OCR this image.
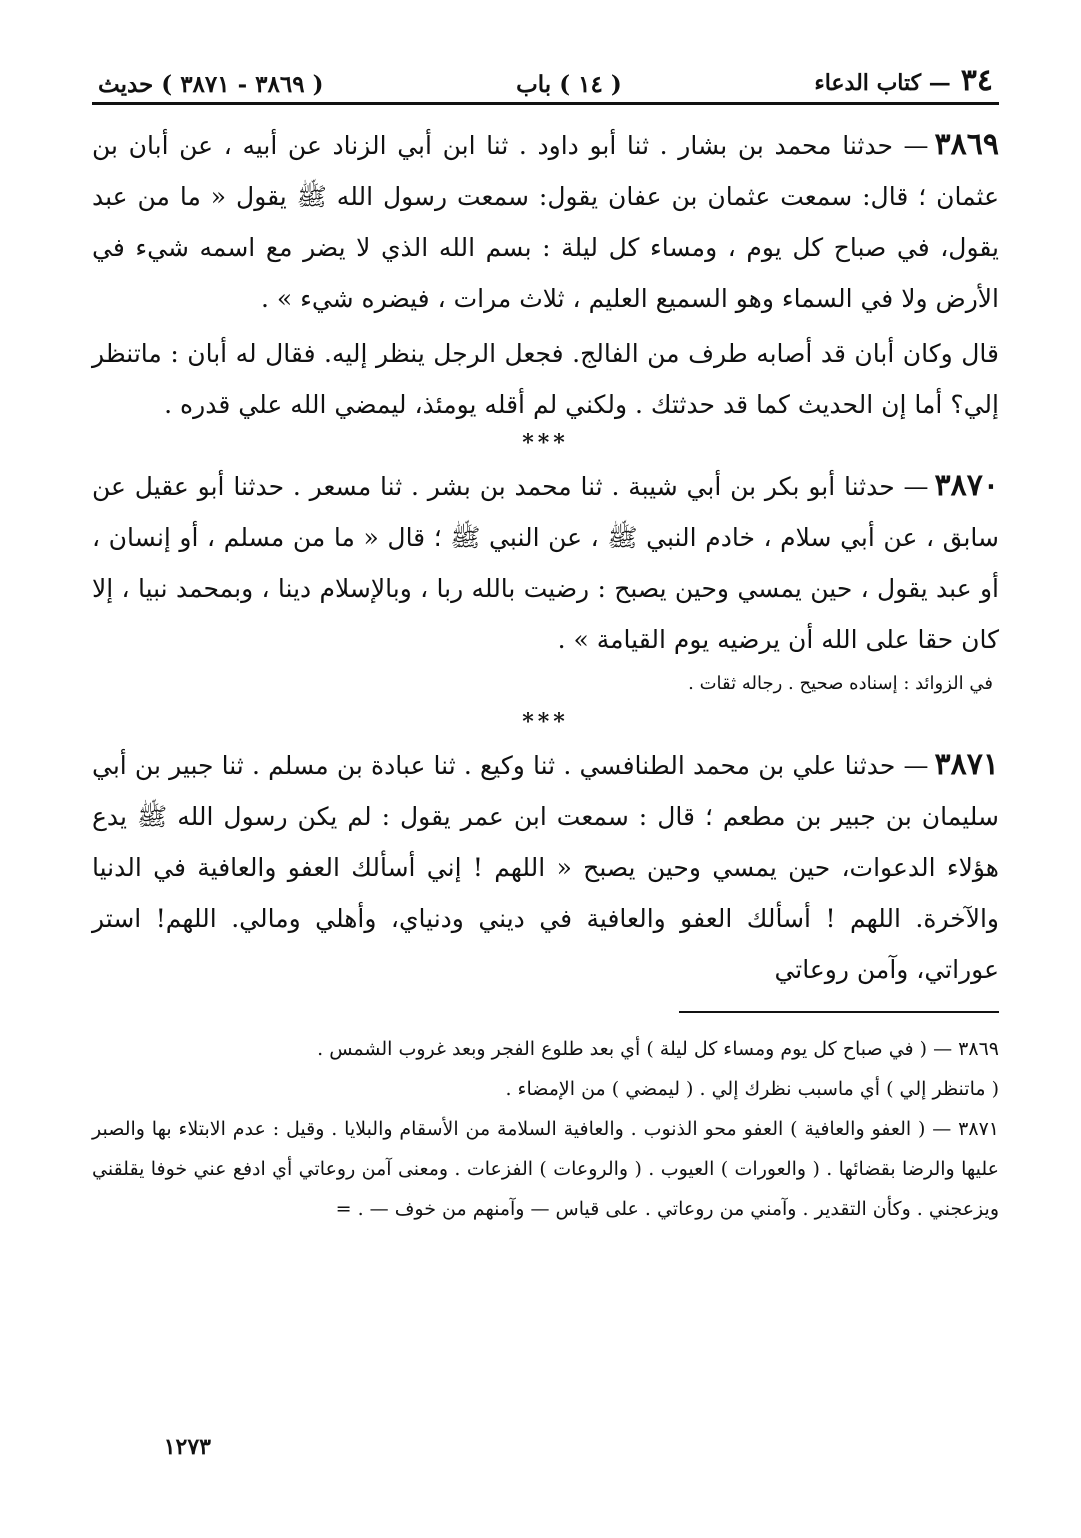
٣٤
— كتاب الدعاء
( ١٤ ) باب
( ٣٨٦٩ - ٣٨٧١ ) حديث

٣٨٦٩— حدثنا محمد بن بشار . ثنا أبو داود . ثنا ابن أبي الزناد عن أبيه ، عن أبان بن عثمان ؛ قال: سمعت عثمان بن عفان يقول: سمعت رسول الله ﷺ يقول « ما من عبد يقول، في صباح كل يوم ، ومساء كل ليلة : بسم الله الذي لا يضر مع اسمه شيء في الأرض ولا في السماء وهو السميع العليم ، ثلاث مرات ، فيضره شيء » .

قال وكان أبان قد أصابه طرف من الفالج. فجعل الرجل ينظر إليه. فقال له أبان : ماتنظر إلي؟ أما إن الحديث كما قد حدثتك . ولكني لم أقله يومئذ، ليمضي الله علي قدره .

***

٣٨٧٠— حدثنا أبو بكر بن أبي شيبة . ثنا محمد بن بشر . ثنا مسعر . حدثنا أبو عقيل عن سابق ، عن أبي سلام ، خادم النبي ﷺ ، عن النبي ﷺ ؛ قال « ما من مسلم ، أو إنسان ، أو عبد يقول ، حين يمسي وحين يصبح : رضيت بالله ربا ، وبالإسلام دينا ، وبمحمد نبيا ، إلا كان حقا على الله أن يرضيه يوم القيامة » .

في الزوائد : إسناده صحيح . رجاله ثقات .

***

٣٨٧١— حدثنا علي بن محمد الطنافسي . ثنا وكيع . ثنا عبادة بن مسلم . ثنا جبير بن أبي سليمان بن جبير بن مطعم ؛ قال : سمعت ابن عمر يقول : لم يكن رسول الله ﷺ يدع هؤلاء الدعوات، حين يمسي وحين يصبح « اللهم ! إني أسألك العفو والعافية في الدنيا والآخرة. اللهم ! أسألك العفو والعافية في ديني ودنياي، وأهلي ومالي. اللهم! استر عوراتي، وآمن روعاتي

٣٨٦٩ — ( في صباح كل يوم ومساء كل ليلة ) أي بعد طلوع الفجر وبعد غروب الشمس .

( ماتنظر إلي ) أي ماسبب نظرك إلي . ( ليمضي ) من الإمضاء .

٣٨٧١ — ( العفو والعافية ) العفو محو الذنوب . والعافية السلامة من الأسقام والبلايا . وقيل : عدم الابتلاء بها والصبر عليها والرضا بقضائها . ( والعورات ) العيوب . ( والروعات ) الفزعات . ومعنى آمن روعاتي أي ادفع عني خوفا يقلقني ويزعجني . وكأن التقدير . وآمني من روعاتي . على قياس — وآمنهم من خوف — . =

١٢٧٣
